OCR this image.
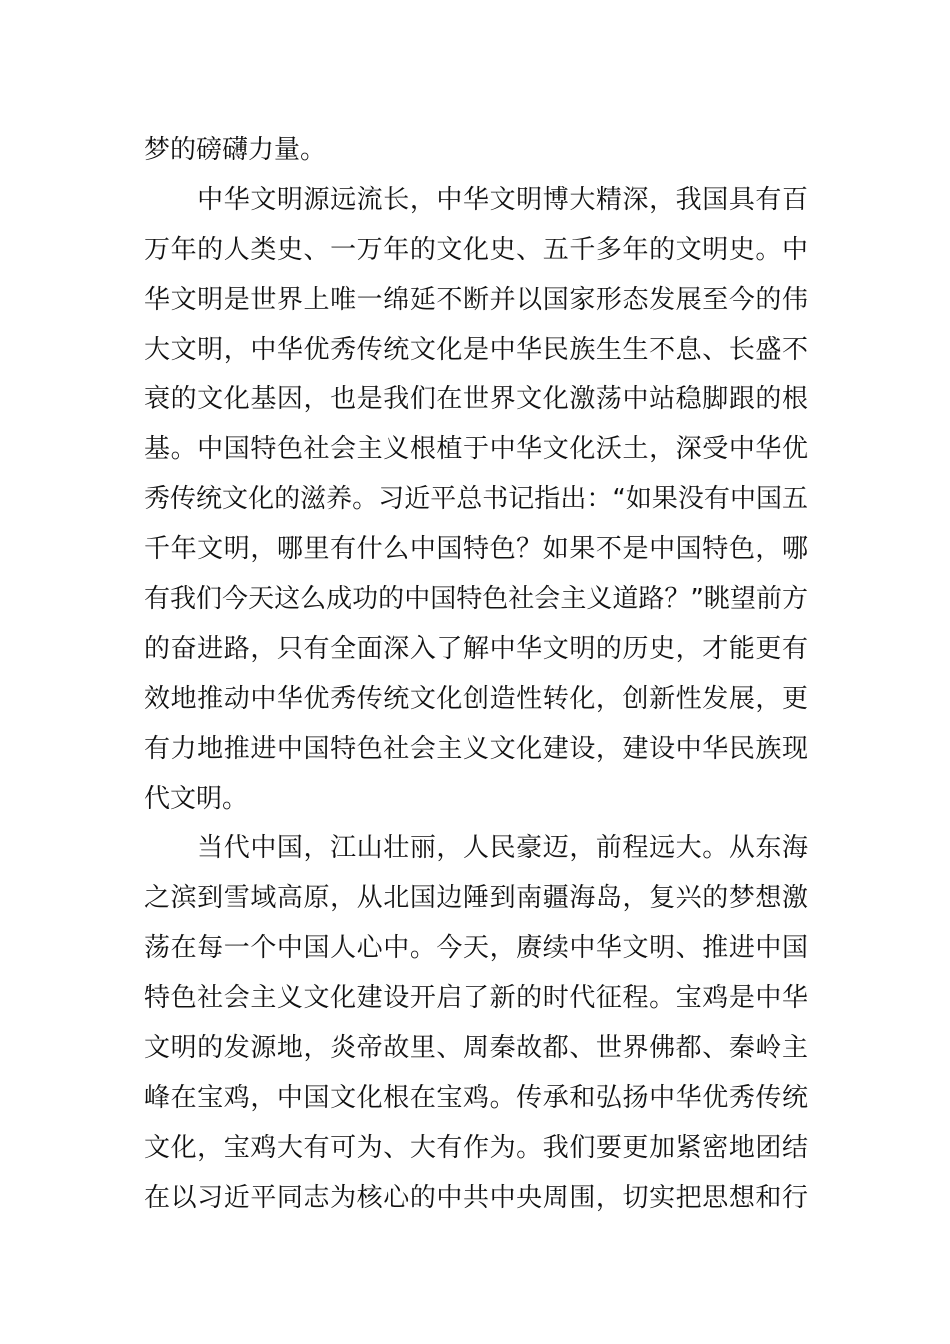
梦的磅礴力量。
　　中华文明源远流长，中华文明博大精深，我国具有百
万年的人类史、一万年的文化史、五千多年的文明史。中
华文明是世界上唯一绵延不断并以国家形态发展至今的伟
大文明，中华优秀传统文化是中华民族生生不息、长盛不
衰的文化基因，也是我们在世界文化激荡中站稳脚跟的根
基。中国特色社会主义根植于中华文化沃土，深受中华优
秀传统文化的滋养。习近平总书记指出：“如果没有中国五
千年文明，哪里有什么中国特色？如果不是中国特色，哪
有我们今天这么成功的中国特色社会主义道路？”眺望前方
的奋进路，只有全面深入了解中华文明的历史，才能更有
效地推动中华优秀传统文化创造性转化，创新性发展，更
有力地推进中国特色社会主义文化建设，建设中华民族现
代文明。
　　当代中国，江山壮丽，人民豪迈，前程远大。从东海
之滨到雪域高原，从北国边陲到南疆海岛，复兴的梦想激
荡在每一个中国人心中。今天，赓续中华文明、推进中国
特色社会主义文化建设开启了新的时代征程。宝鸡是中华
文明的发源地，炎帝故里、周秦故都、世界佛都、秦岭主
峰在宝鸡，中国文化根在宝鸡。传承和弘扬中华优秀传统
文化，宝鸡大有可为、大有作为。我们要更加紧密地团结
在以习近平同志为核心的中共中央周围，切实把思想和行
